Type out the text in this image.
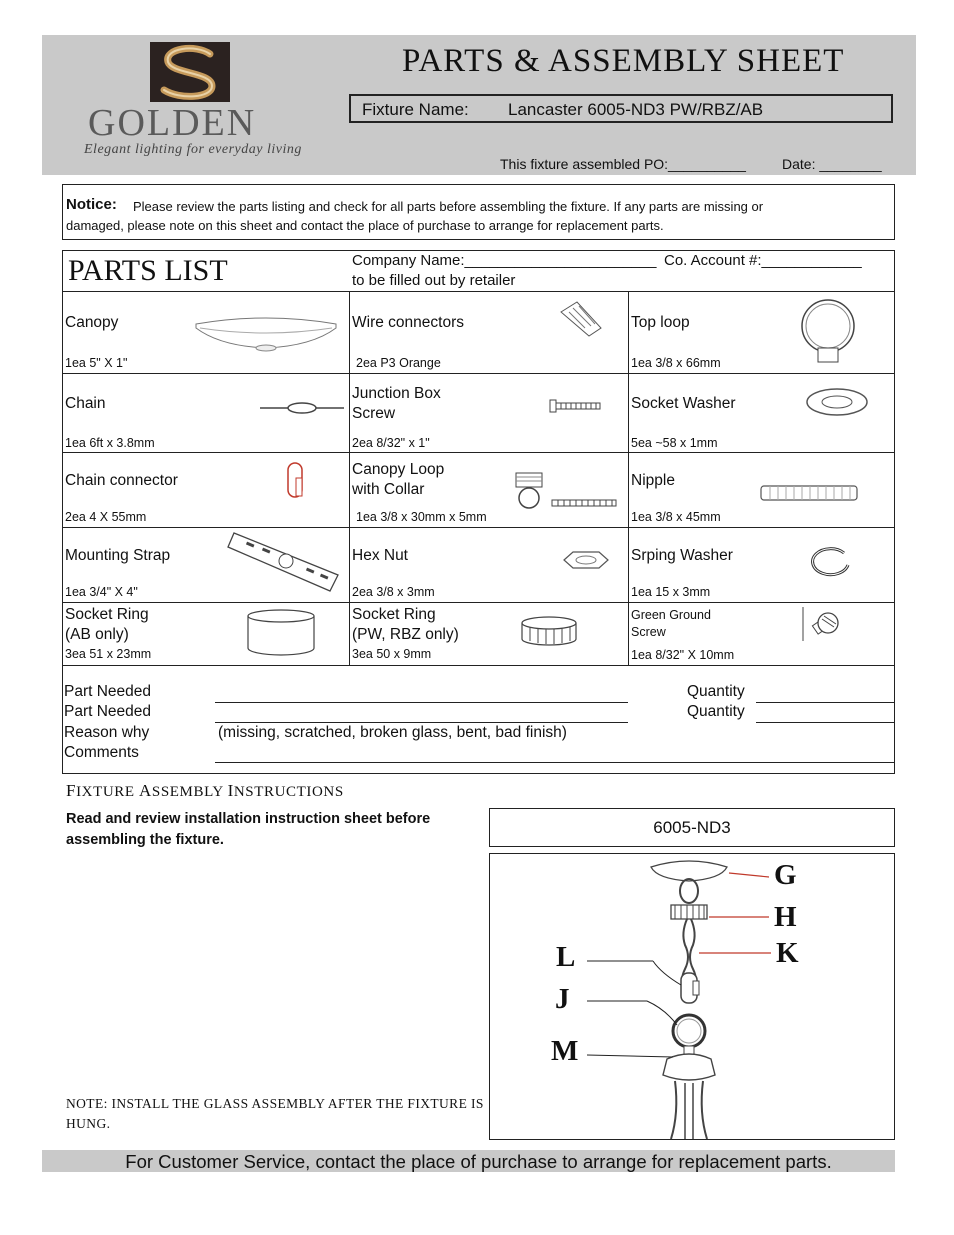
GOLDEN
Elegant lighting for everyday living
PARTS & ASSEMBLY SHEET
Fixture Name: Lancaster 6005-ND3 PW/RBZ/AB
This fixture assembled PO:__________	Date: ________
Notice: Please review the parts listing and check for all parts before assembling the fixture. If any parts are missing or
damaged, please note on this sheet and contact the place of purchase to arrange for replacement parts.
PARTS LIST	Company Name:_______________________ Co. Account #:____________
to be filled out by retailer
Canopy
1ea 5" X 1"
Wire connectors
2ea P3 Orange
Top loop
1ea 3/8 x 66mm
Chain
1ea 6ft x 3.8mm
Junction Box
Screw
2ea 8/32" x 1"
Socket Washer
5ea ~58 x 1mm
Chain connector
2ea 4 X 55mm
Canopy Loop
with Collar
1ea 3/8 x 30mm x 5mm
Nipple
1ea 3/8 x 45mm
Mounting Strap
1ea 3/4" X 4"
Hex Nut
2ea 3/8 x 3mm
Srping Washer
1ea 15 x 3mm
Socket Ring
(AB only)
3ea 51 x 23mm
Socket Ring
(PW, RBZ only)
3ea 50 x 9mm
Green Ground
Screw
1ea 8/32" X 10mm
Part Needed
Part Needed
Reason why
Comments
(missing, scratched, broken glass, bent, bad finish)
Quantity
Quantity
FIXTURE ASSEMBLY INSTRUCTIONS
Read and review installation instruction sheet before assembling the fixture.
6005-ND3
G
H
K
L
J
M
NOTE: INSTALL THE GLASS ASSEMBLY AFTER THE FIXTURE IS HUNG.
For Customer Service, contact the place of purchase to arrange for replacement parts.
